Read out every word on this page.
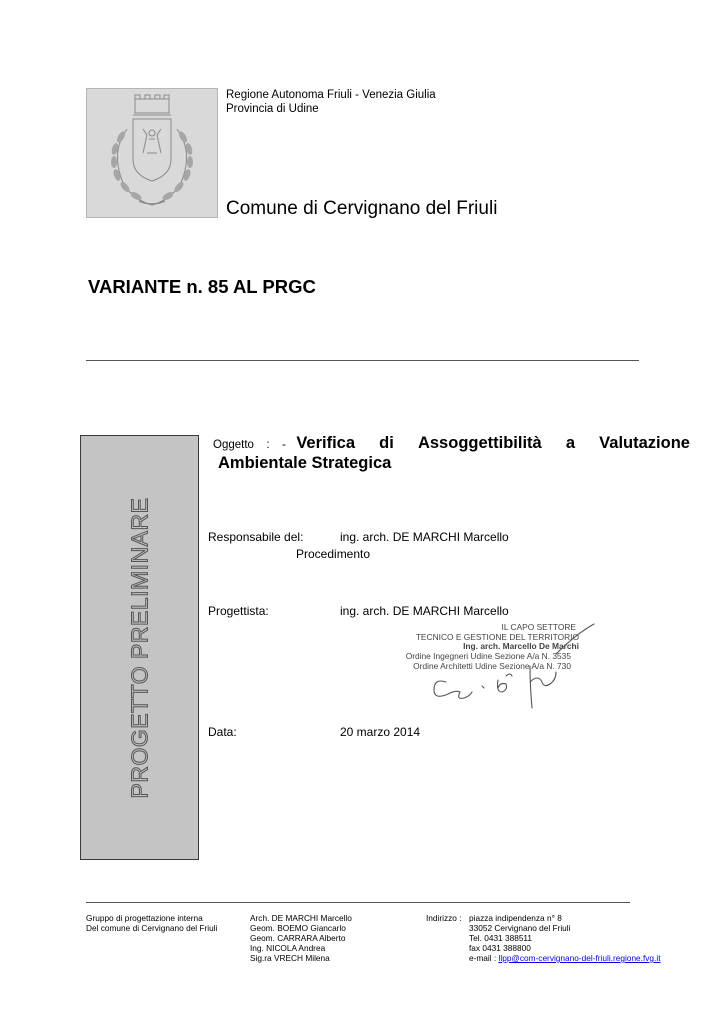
Regione Autonoma Friuli - Venezia Giulia
Provincia di Udine
Comune di Cervignano del Friuli
VARIANTE n. 85 AL PRGC
PROGETTO PRELIMINARE
Oggetto : - Verifica di Assoggettibilità a Valutazione
Ambientale Strategica
Responsabile del:
Procedimento
ing. arch. DE MARCHI Marcello
Progettista:	ing. arch. DE MARCHI Marcello
IL CAPO SETTORE
TECNICO E GESTIONE DEL TERRITORIO
Ing. arch. Marcello De Marchi
Ordine Ingegneri Udine Sezione A/a N. 3535
Ordine Architetti Udine Sezione A/a N. 730
Data:	20 marzo 2014
Gruppo di progettazione interna
Del comune di Cervignano del Friuli
Arch. DE MARCHI Marcello
Geom. BOEMO Giancarlo
Geom. CARRARA Alberto
Ing. NICOLA Andrea
Sig.ra VRECH Milena
Indirizzo : piazza indipendenza n° 8
33052 Cervignano del Friuli
Tel. 0431 388511
fax 0431 388800
e-mail : llpp@com-cervignano-del-friuli.regione.fvg.it
